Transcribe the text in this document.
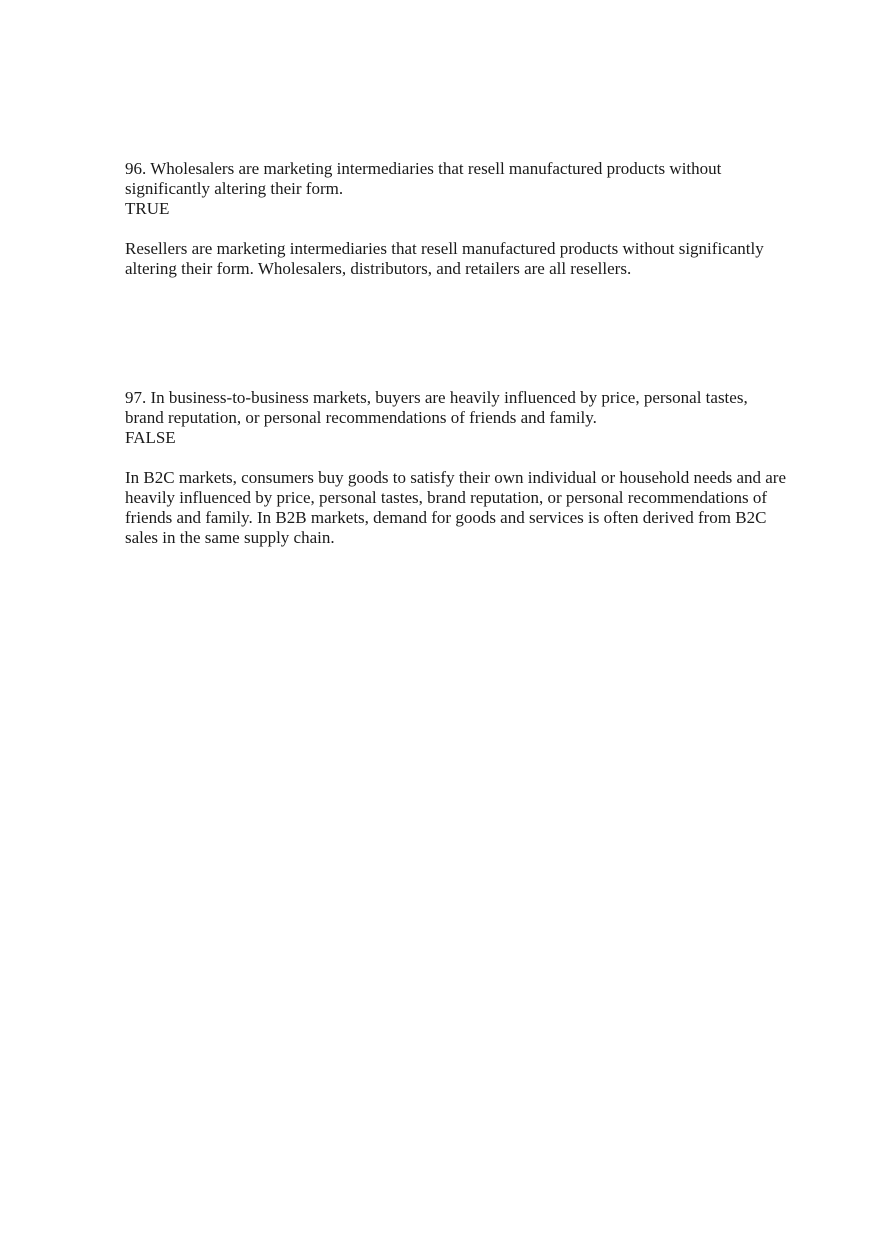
96. Wholesalers are marketing intermediaries that resell manufactured products without significantly altering their form.

TRUE

Resellers are marketing intermediaries that resell manufactured products without significantly altering their form. Wholesalers, distributors, and retailers are all resellers.

97. In business-to-business markets, buyers are heavily influenced by price, personal tastes, brand reputation, or personal recommendations of friends and family.

FALSE

In B2C markets, consumers buy goods to satisfy their own individual or household needs and are heavily influenced by price, personal tastes, brand reputation, or personal recommendations of friends and family. In B2B markets, demand for goods and services is often derived from B2C sales in the same supply chain.
